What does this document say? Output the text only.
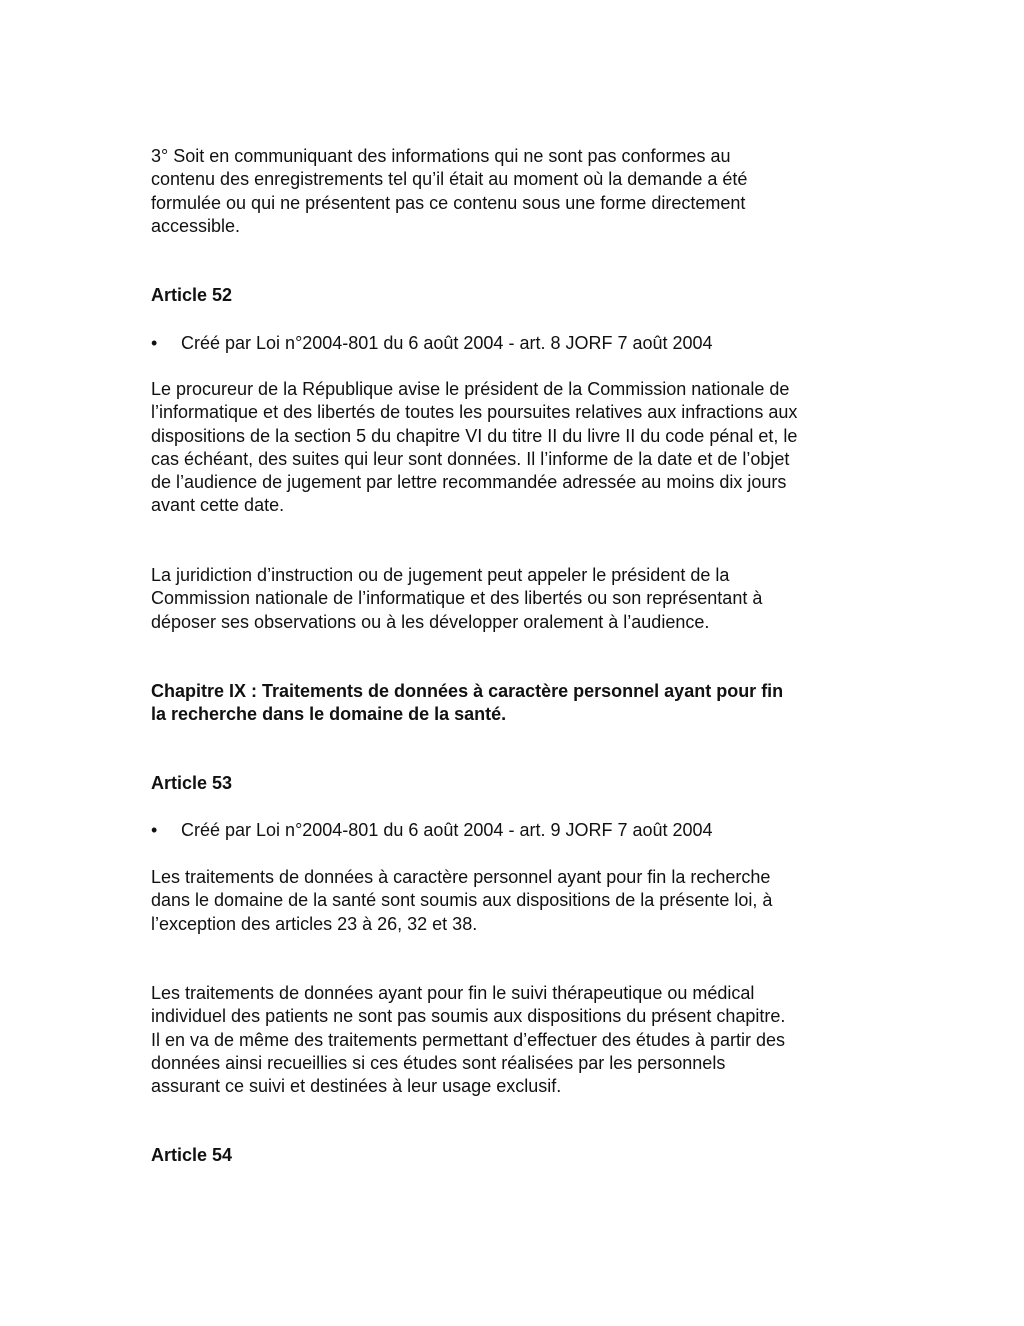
3° Soit en communiquant des informations qui ne sont pas conformes au
contenu des enregistrements tel qu’il était au moment où la demande a été
formulée ou qui ne présentent pas ce contenu sous une forme directement
accessible.

Article 52
• Créé par Loi n°2004-801 du 6 août 2004 - art. 8 JORF 7 août 2004

Le procureur de la République avise le président de la Commission nationale de
l’informatique et des libertés de toutes les poursuites relatives aux infractions aux
dispositions de la section 5 du chapitre VI du titre II du livre II du code pénal et, le
cas échéant, des suites qui leur sont données. Il l’informe de la date et de l’objet
de l’audience de jugement par lettre recommandée adressée au moins dix jours
avant cette date.

La juridiction d’instruction ou de jugement peut appeler le président de la
Commission nationale de l’informatique et des libertés ou son représentant à
déposer ses observations ou à les développer oralement à l’audience.

Chapitre IX : Traitements de données à caractère personnel ayant pour fin
la recherche dans le domaine de la santé.
Article 53
• Créé par Loi n°2004-801 du 6 août 2004 - art. 9 JORF 7 août 2004

Les traitements de données à caractère personnel ayant pour fin la recherche
dans le domaine de la santé sont soumis aux dispositions de la présente loi, à
l’exception des articles 23 à 26, 32 et 38.

Les traitements de données ayant pour fin le suivi thérapeutique ou médical
individuel des patients ne sont pas soumis aux dispositions du présent chapitre.
Il en va de même des traitements permettant d’effectuer des études à partir des
données ainsi recueillies si ces études sont réalisées par les personnels
assurant ce suivi et destinées à leur usage exclusif.

Article 54
